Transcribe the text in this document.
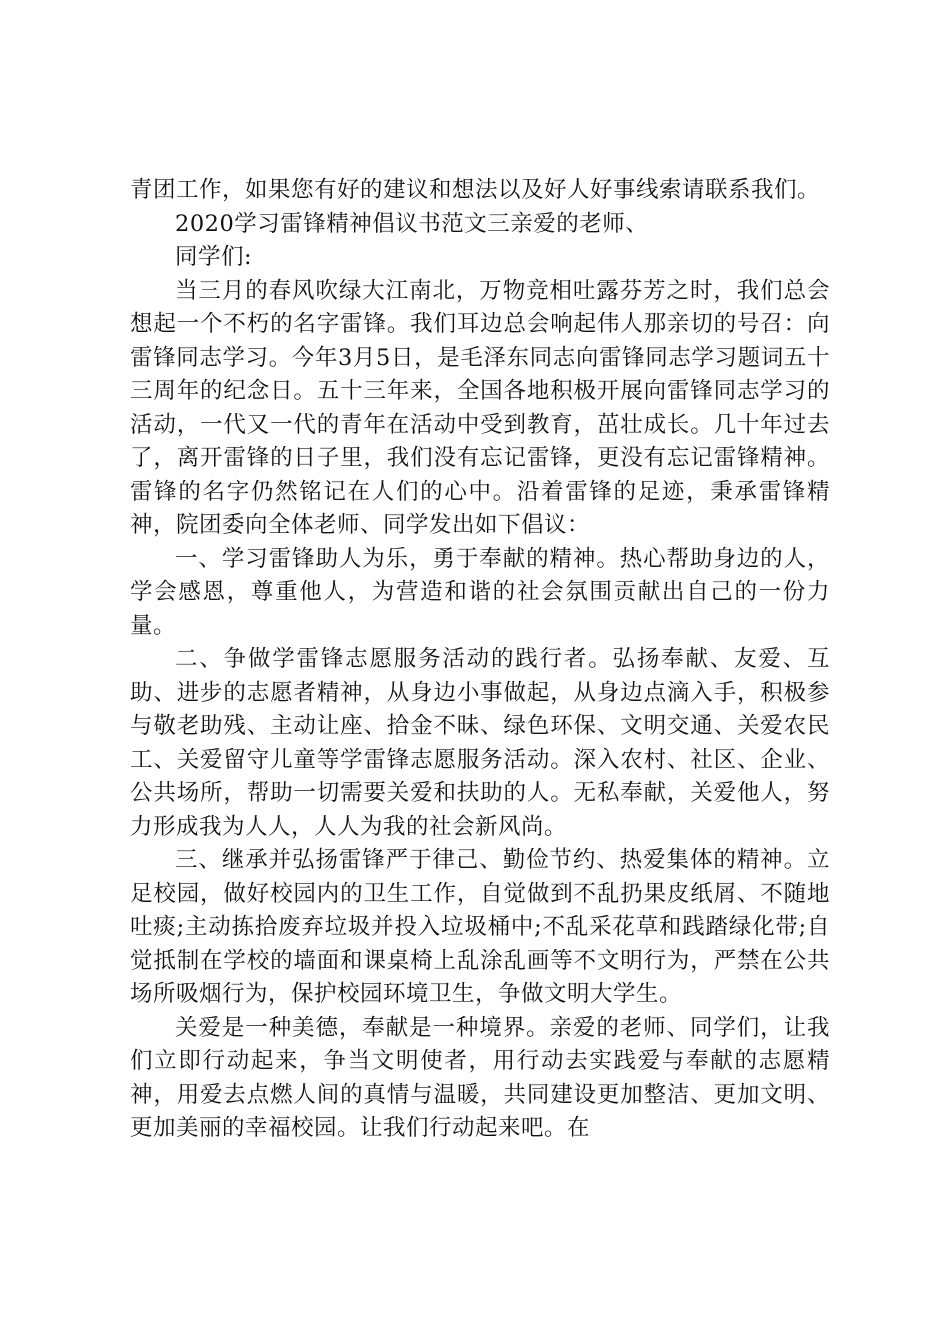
青团工作，如果您有好的建议和想法以及好人好事线索请联系我们。

2020学习雷锋精神倡议书范文三亲爱的老师、

同学们:

当三月的春风吹绿大江南北，万物竞相吐露芬芳之时，我们总会想起一个不朽的名字雷锋。我们耳边总会响起伟人那亲切的号召：向雷锋同志学习。今年3月5日，是毛泽东同志向雷锋同志学习题词五十三周年的纪念日。五十三年来，全国各地积极开展向雷锋同志学习的活动，一代又一代的青年在活动中受到教育，茁壮成长。几十年过去了，离开雷锋的日子里，我们没有忘记雷锋，更没有忘记雷锋精神。雷锋的名字仍然铭记在人们的心中。沿着雷锋的足迹，秉承雷锋精神，院团委向全体老师、同学发出如下倡议：

一、学习雷锋助人为乐，勇于奉献的精神。热心帮助身边的人，学会感恩，尊重他人，为营造和谐的社会氛围贡献出自己的一份力量。

二、争做学雷锋志愿服务活动的践行者。弘扬奉献、友爱、互助、进步的志愿者精神，从身边小事做起，从身边点滴入手，积极参与敬老助残、主动让座、拾金不昧、绿色环保、文明交通、关爱农民工、关爱留守儿童等学雷锋志愿服务活动。深入农村、社区、企业、公共场所，帮助一切需要关爱和扶助的人。无私奉献，关爱他人，努力形成我为人人，人人为我的社会新风尚。

三、继承并弘扬雷锋严于律己、勤俭节约、热爱集体的精神。立足校园，做好校园内的卫生工作，自觉做到不乱扔果皮纸屑、不随地吐痰;主动拣拾废弃垃圾并投入垃圾桶中;不乱采花草和践踏绿化带;自觉抵制在学校的墙面和课桌椅上乱涂乱画等不文明行为，严禁在公共场所吸烟行为，保护校园环境卫生，争做文明大学生。

关爱是一种美德，奉献是一种境界。亲爱的老师、同学们，让我们立即行动起来，争当文明使者，用行动去实践爱与奉献的志愿精神，用爱去点燃人间的真情与温暖，共同建设更加整洁、更加文明、更加美丽的幸福校园。让我们行动起来吧。在
